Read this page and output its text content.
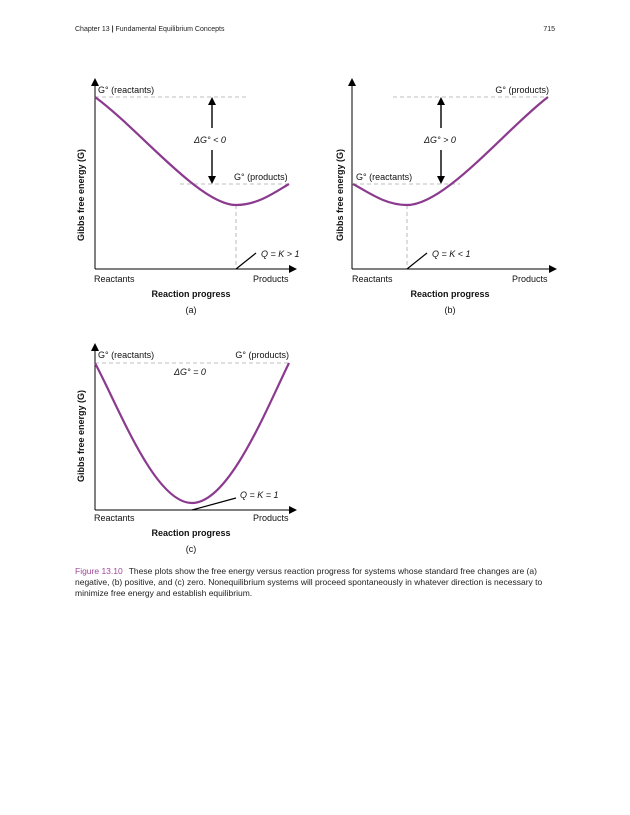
Chapter 13 | Fundamental Equilibrium Concepts	715
G° (reactants)
G° (products)
ΔG° < 0
Q = K > 1
Reactants	Products
Reaction progress
Gibbs free energy (G)
(a)
G° (reactants)
G° (products)
ΔG° > 0
Q = K < 1
Reactants	Products
Reaction progress
Gibbs free energy (G)
(b)
G° (reactants)	G° (products)
ΔG° = 0
Q = K = 1
Reactants	Products
Reaction progress
Gibbs free energy (G)
(c)
Figure 13.10 These plots show the free energy versus reaction progress for systems whose standard free changes are (a) negative, (b) positive, and (c) zero. Nonequilibrium systems will proceed spontaneously in whatever direction is necessary to minimize free energy and establish equilibrium.
